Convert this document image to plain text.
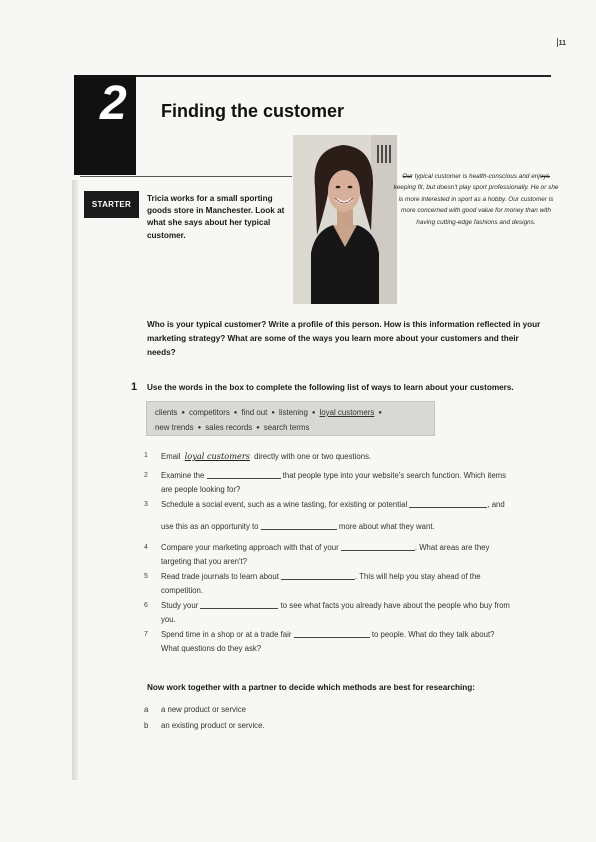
11
2	Finding the customer
STARTER
Tricia works for a small sporting goods store in Manchester. Look at what she says about her typical customer.
Our typical customer is health-conscious and enjoys keeping fit, but doesn't play sport professionally. He or she is more interested in sport as a hobby. Our customer is more concerned with good value for money than with having cutting-edge fashions and designs.
Who is your typical customer? Write a profile of this person. How is this information reflected in your marketing strategy? What are some of the ways you learn more about your customers and their needs?
1 Use the words in the box to complete the following list of ways to learn about your customers.
clients ● competitors ● find out ● listening ● loyal customers ●
new trends ● sales records ● search terms
1	Email loyal customers directly with one or two questions.
2	Examine the	that people type into your website's search function. Which items
are people looking for?
3	Schedule a social event, such as a wine tasting, for existing or potential	, and
use this as an opportunity to	more about what they want.
4	Compare your marketing approach with that of your	. What areas are they
targeting that you aren't?
5	Read trade journals to learn about	. This will help you stay ahead of the
competition.
6	Study your	to see what facts you already have about the people who buy from
you.
7	Spend time in a shop or at a trade fair	to people. What do they talk about?
What questions do they ask?
Now work together with a partner to decide which methods are best for researching:
a a new product or service
b an existing product or service.
